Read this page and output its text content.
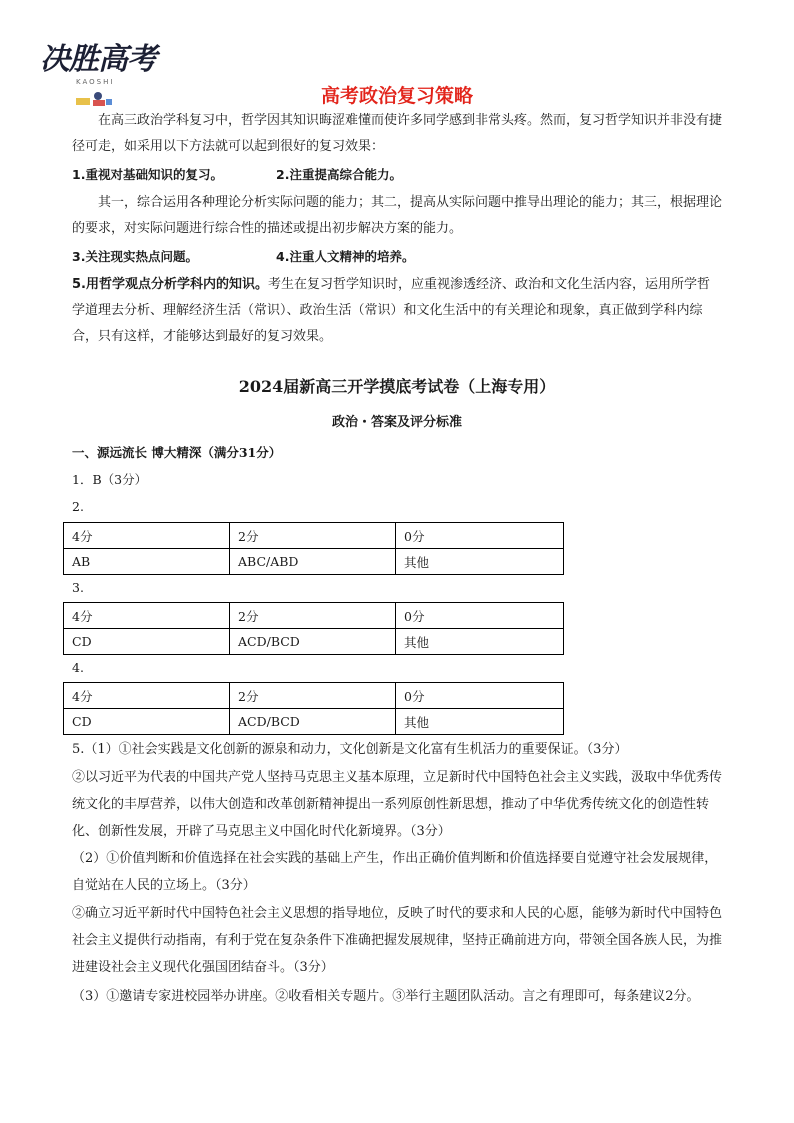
决胜高考
KAOSHI
高考政治复习策略

在高三政治学科复习中，哲学因其知识晦涩难懂而使许多同学感到非常头疼。然而，复习哲学知识并非没有捷径可走，如采用以下方法就可以起到很好的复习效果：

1.重视对基础知识的复习。	2.注重提高综合能力。

其一，综合运用各种理论分析实际问题的能力；其二，提高从实际问题中推导出理论的能力；其三，根据理论的要求，对实际问题进行综合性的描述或提出初步解决方案的能力。

3.关注现实热点问题。	4.注重人文精神的培养。

5.用哲学观点分析学科内的知识。考生在复习哲学知识时，应重视渗透经济、政治和文化生活内容，运用所学哲学道理去分析、理解经济生活（常识）、政治生活（常识）和文化生活中的有关理论和现象，真正做到学科内综合，只有这样，才能够达到最好的复习效果。

2024届新高三开学摸底考试卷（上海专用）
政治・答案及评分标准
一、源远流长 博大精深（满分31分）
1．B（3分）
2.
4分	2分	0分
AB	ABC/ABD	其他
3.
4分	2分	0分
CD	ACD/BCD	其他
4.
4分	2分	0分
CD	ACD/BCD	其他

5.（1）①社会实践是文化创新的源泉和动力，文化创新是文化富有生机活力的重要保证。（3分）

②以习近平为代表的中国共产党人坚持马克思主义基本原理，立足新时代中国特色社会主义实践，汲取中华优秀传统文化的丰厚营养，以伟大创造和改革创新精神提出一系列原创性新思想，推动了中华优秀传统文化的创造性转化、创新性发展，开辟了马克思主义中国化时代化新境界。（3分）

（2）①价值判断和价值选择在社会实践的基础上产生，作出正确价值判断和价值选择要自觉遵守社会发展规律，自觉站在人民的立场上。（3分）

②确立习近平新时代中国特色社会主义思想的指导地位，反映了时代的要求和人民的心愿，能够为新时代中国特色社会主义提供行动指南，有利于党在复杂条件下准确把握发展规律，坚持正确前进方向，带领全国各族人民，为推进建设社会主义现代化强国团结奋斗。（3分）

（3）①邀请专家进校园举办讲座。②收看相关专题片。③举行主题团队活动。言之有理即可，每条建议2分。
